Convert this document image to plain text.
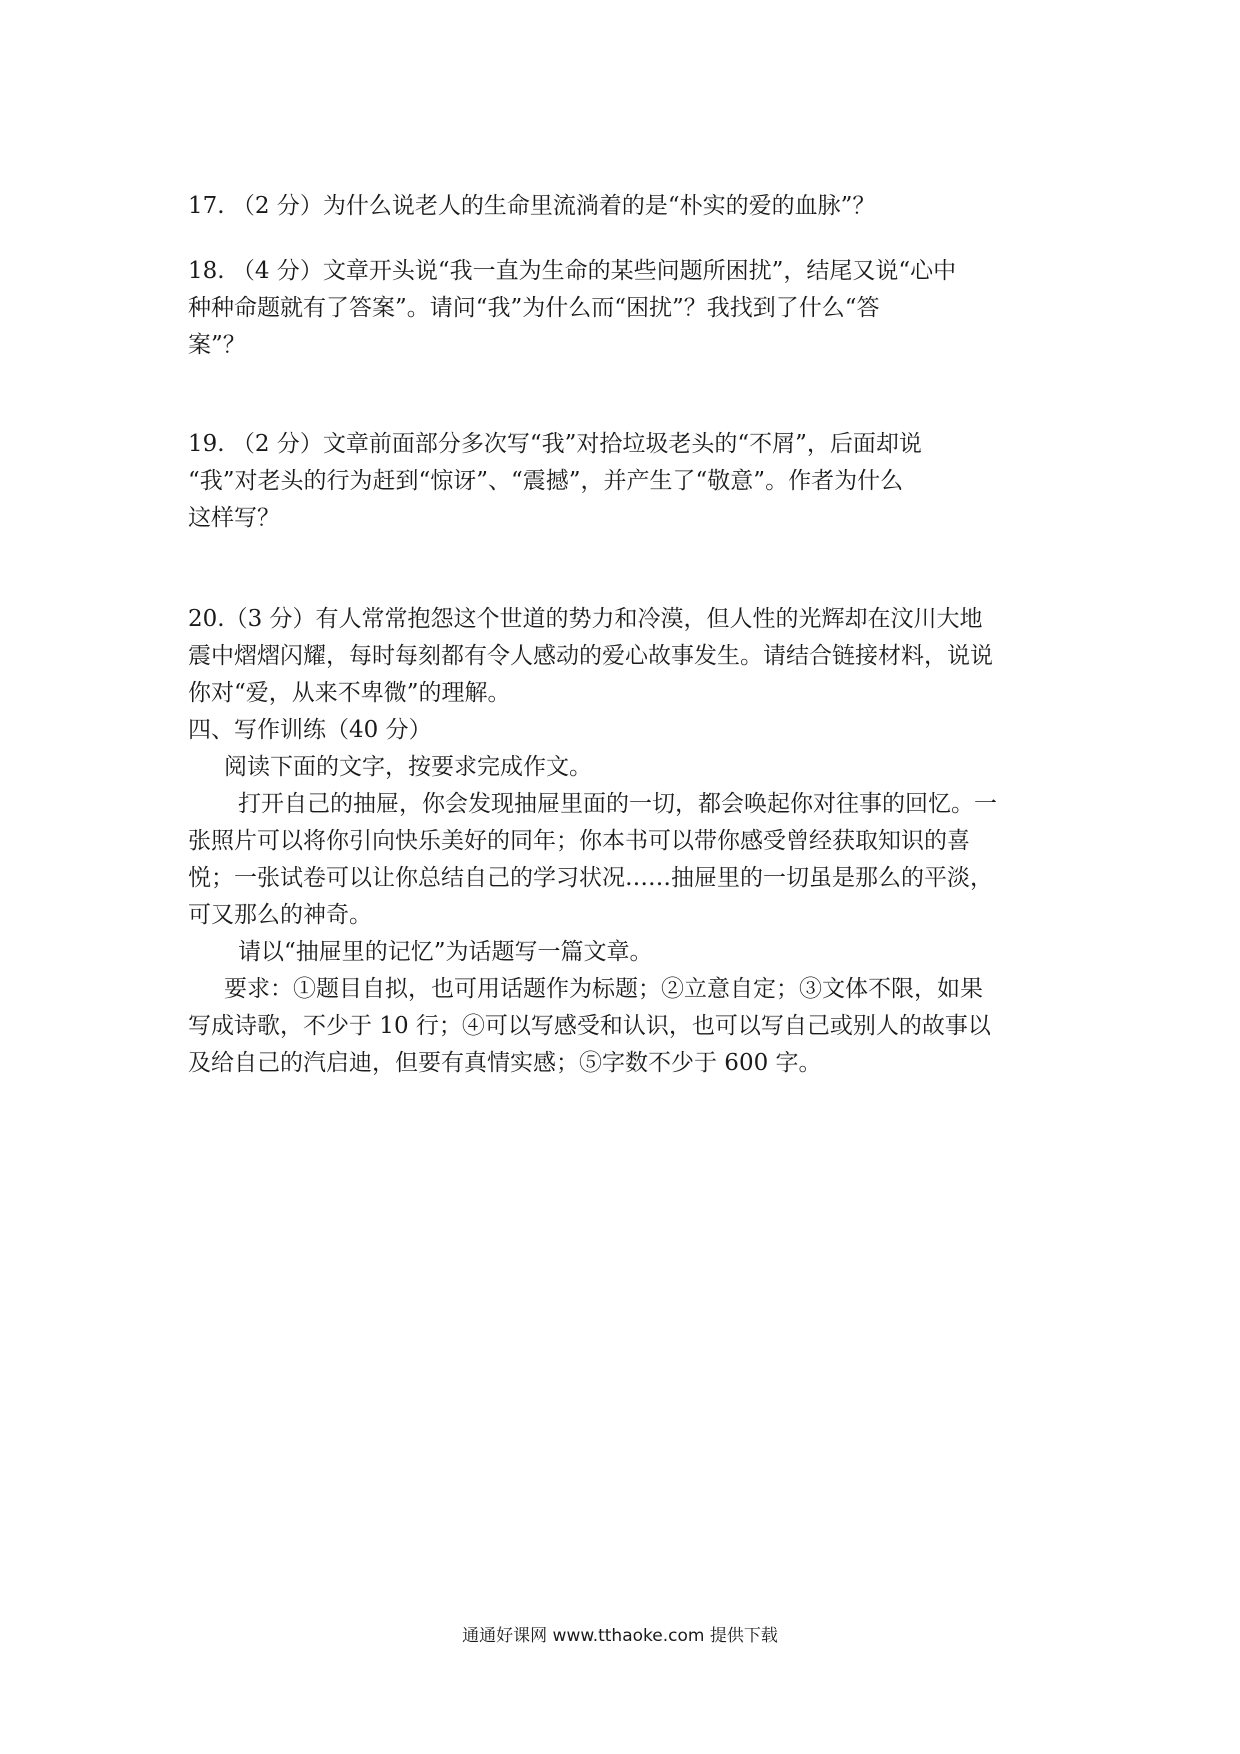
17. （2 分）为什么说老人的生命里流淌着的是“朴实的爱的血脉”？

18. （4 分）文章开头说“我一直为生命的某些问题所困扰”，结尾又说“心中

种种命题就有了答案”。请问“我”为什么而“困扰”？我找到了什么“答

案”？

19. （2 分）文章前面部分多次写“我”对拾垃圾老头的“不屑”，后面却说

“我”对老头的行为赶到“惊讶”、“震撼”，并产生了“敬意”。作者为什么

这样写？

20.（3 分）有人常常抱怨这个世道的势力和冷漠，但人性的光辉却在汶川大地

震中熠熠闪耀，每时每刻都有令人感动的爱心故事发生。请结合链接材料，说说

你对“爱，从来不卑微”的理解。

四、写作训练（40 分）

阅读下面的文字，按要求完成作文。

打开自己的抽屉，你会发现抽屉里面的一切，都会唤起你对往事的回忆。一

张照片可以将你引向快乐美好的同年；你本书可以带你感受曾经获取知识的喜

悦；一张试卷可以让你总结自己的学习状况……抽屉里的一切虽是那么的平淡，

可又那么的神奇。

请以“抽屉里的记忆”为话题写一篇文章。

要求：①题目自拟，也可用话题作为标题；②立意自定；③文体不限，如果

写成诗歌，不少于 10 行；④可以写感受和认识，也可以写自己或别人的故事以

及给自己的汽启迪，但要有真情实感；⑤字数不少于 600 字。

通通好课网 www.tthaoke.com 提供下载
